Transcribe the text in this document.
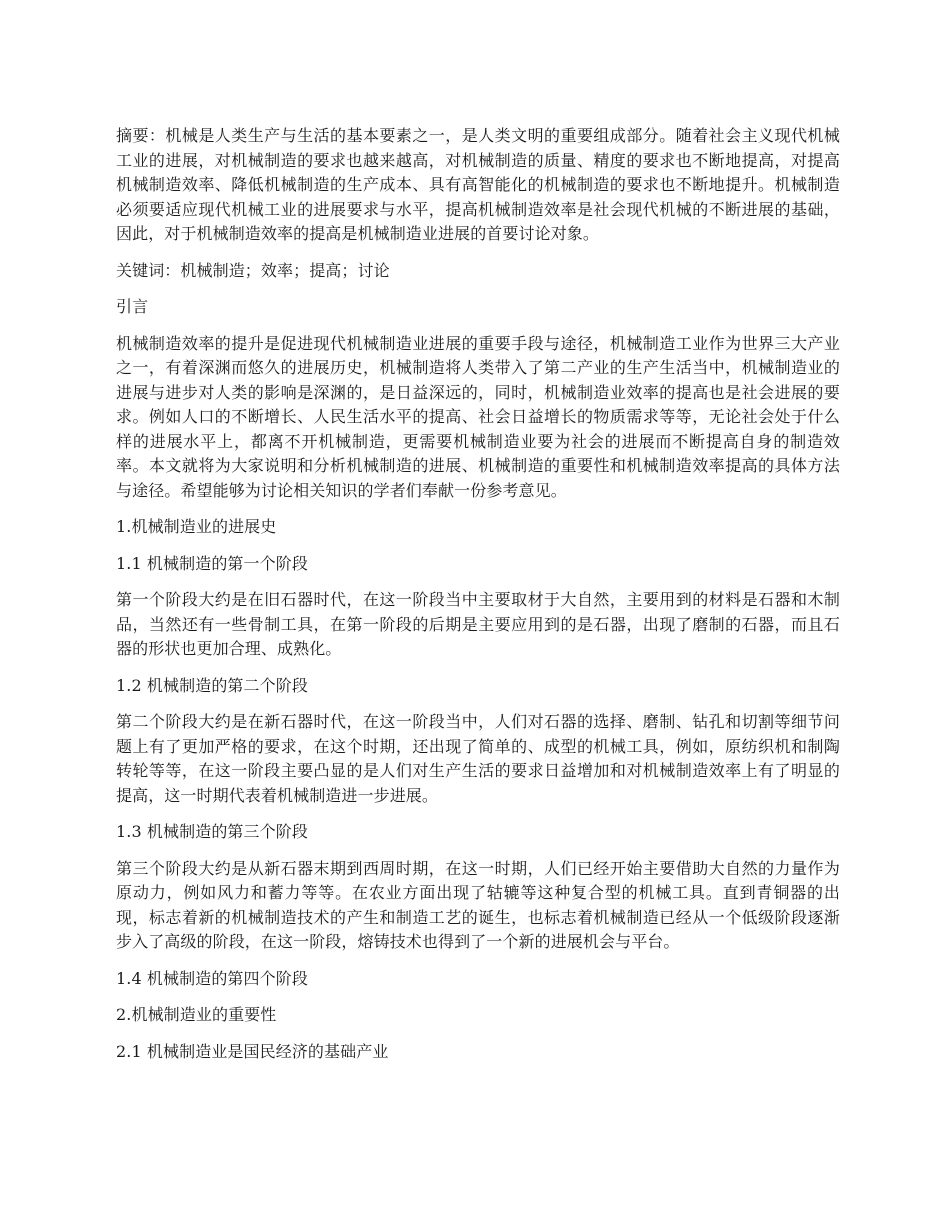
摘要：机械是人类生产与生活的基本要素之一，是人类文明的重要组成部分。随着社会主义现代机械工业的进展，对机械制造的要求也越来越高，对机械制造的质量、精度的要求也不断地提高，对提高机械制造效率、降低机械制造的生产成本、具有高智能化的机械制造的要求也不断地提升。机械制造必须要适应现代机械工业的进展要求与水平，提高机械制造效率是社会现代机械的不断进展的基础，因此，对于机械制造效率的提高是机械制造业进展的首要讨论对象。

关键词：机械制造；效率；提高；讨论

引言

机械制造效率的提升是促进现代机械制造业进展的重要手段与途径，机械制造工业作为世界三大产业之一，有着深渊而悠久的进展历史，机械制造将人类带入了第二产业的生产生活当中，机械制造业的进展与进步对人类的影响是深渊的，是日益深远的，同时，机械制造业效率的提高也是社会进展的要求。例如人口的不断增长、人民生活水平的提高、社会日益增长的物质需求等等，无论社会处于什么样的进展水平上，都离不开机械制造，更需要机械制造业要为社会的进展而不断提高自身的制造效率。本文就将为大家说明和分析机械制造的进展、机械制造的重要性和机械制造效率提高的具体方法与途径。希望能够为讨论相关知识的学者们奉献一份参考意见。

1.机械制造业的进展史

1.1 机械制造的第一个阶段

第一个阶段大约是在旧石器时代，在这一阶段当中主要取材于大自然，主要用到的材料是石器和木制品，当然还有一些骨制工具，在第一阶段的后期是主要应用到的是石器，出现了磨制的石器，而且石器的形状也更加合理、成熟化。

1.2 机械制造的第二个阶段

第二个阶段大约是在新石器时代，在这一阶段当中，人们对石器的选择、磨制、钻孔和切割等细节问题上有了更加严格的要求，在这个时期，还出现了简单的、成型的机械工具，例如，原纺织机和制陶转轮等等，在这一阶段主要凸显的是人们对生产生活的要求日益增加和对机械制造效率上有了明显的提高，这一时期代表着机械制造进一步进展。

1.3 机械制造的第三个阶段

第三个阶段大约是从新石器末期到西周时期，在这一时期，人们已经开始主要借助大自然的力量作为原动力，例如风力和蓄力等等。在农业方面出现了轱辘等这种复合型的机械工具。直到青铜器的出现，标志着新的机械制造技术的产生和制造工艺的诞生，也标志着机械制造已经从一个低级阶段逐渐步入了高级的阶段，在这一阶段，熔铸技术也得到了一个新的进展机会与平台。

1.4 机械制造的第四个阶段

2.机械制造业的重要性

2.1 机械制造业是国民经济的基础产业
